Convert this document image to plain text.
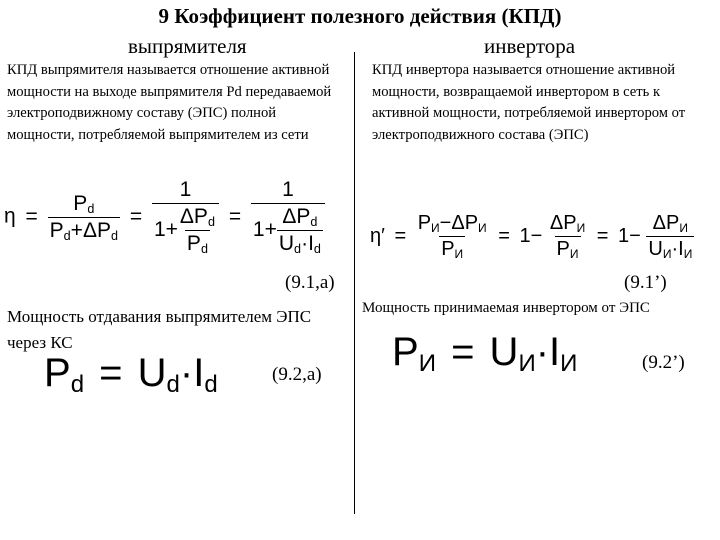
9 Коэффициент полезного действия (КПД)
выпрямителя	инвертора
КПД выпрямителя называется отношение активной мощности на выходе выпрямителя Pd передаваемой электроподвижному составу (ЭПС) полной мощности, потребляемой выпрямителем из сети
$\eta = \frac{P_d}{P_d+\Delta P_d} = \frac{1}{1+ \frac{\Delta P_d}{P_d}} = \frac{1}{1+ \frac{\Delta P_d}{U_d\cdot I_d}}$
(9.1,а)
Мощность отдавания выпрямителем ЭПС через КС
$P_d = U_d\cdot I_d$	(9.2,а)
КПД инвертора называется отношение активной мощности, возвращаемой инвертором в сеть к активной мощности, потребляемой инвертором от электроподвижного состава (ЭПС)
$\eta' = \frac{P_И-\Delta P_И}{P_И} = 1- \frac{\Delta P_И}{P_И} = 1- \frac{\Delta P_И}{U_И\cdot I_И}$
(9.1’)
Мощность принимаемая инвертором от ЭПС
$P_И = U_И\cdot I_И$	(9.2’)
